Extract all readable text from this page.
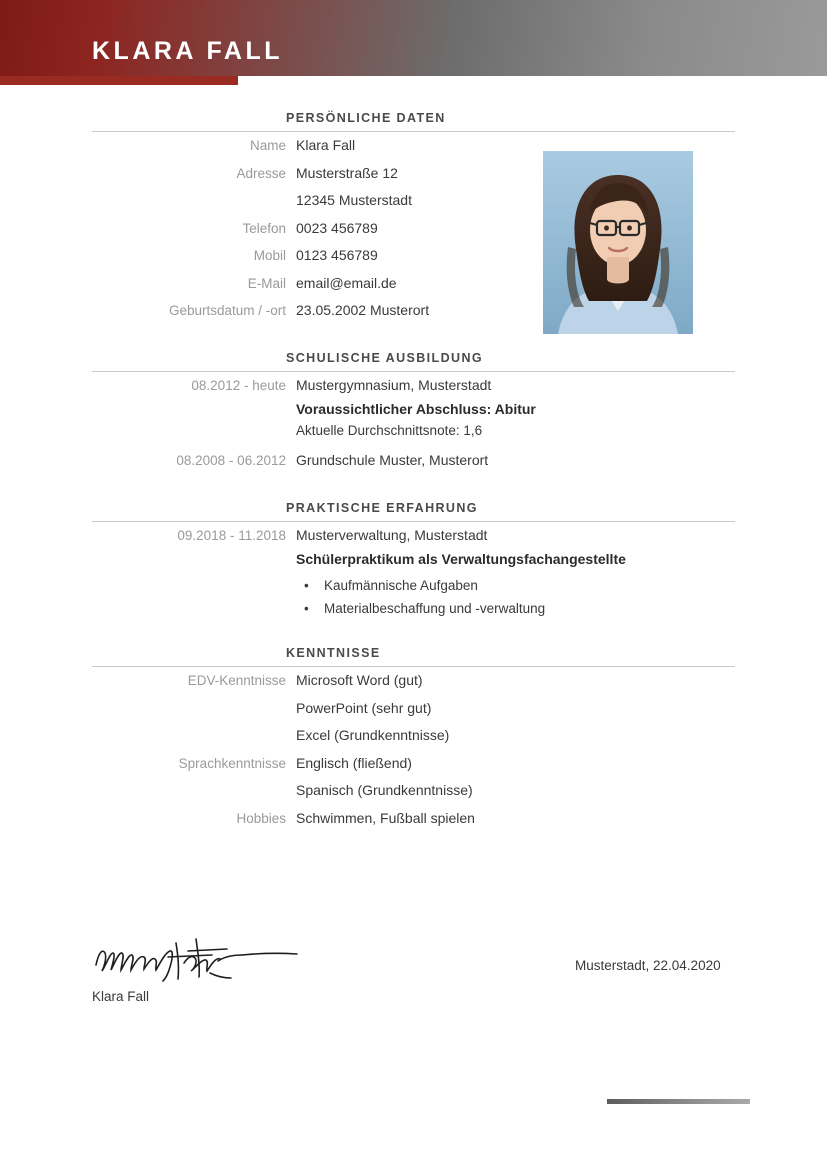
KLARA FALL
PERSÖNLICHE DATEN
Name Klara Fall
Adresse Musterstraße 12
12345 Musterstadt
Telefon 0023 456789
Mobil 0123 456789
E-Mail email@email.de
Geburtsdatum / -ort 23.05.2002 Musterort
SCHULISCHE AUSBILDUNG
08.2012 - heute Mustergymnasium, Musterstadt
Voraussichtlicher Abschluss: Abitur
Aktuelle Durchschnittsnote: 1,6
08.2008 - 06.2012 Grundschule Muster, Musterort
PRAKTISCHE ERFAHRUNG
09.2018 - 11.2018 Musterverwaltung, Musterstadt
Schülerpraktikum als Verwaltungsfachangestellte
• Kaufmännische Aufgaben
• Materialbeschaffung und -verwaltung
KENNTNISSE
EDV-Kenntnisse Microsoft Word (gut)
PowerPoint (sehr gut)
Excel (Grundkenntnisse)
Sprachkenntnisse Englisch (fließend)
Spanisch (Grundkenntnisse)
Hobbies Schwimmen, Fußball spielen
Klara Fall
Musterstadt, 22.04.2020
